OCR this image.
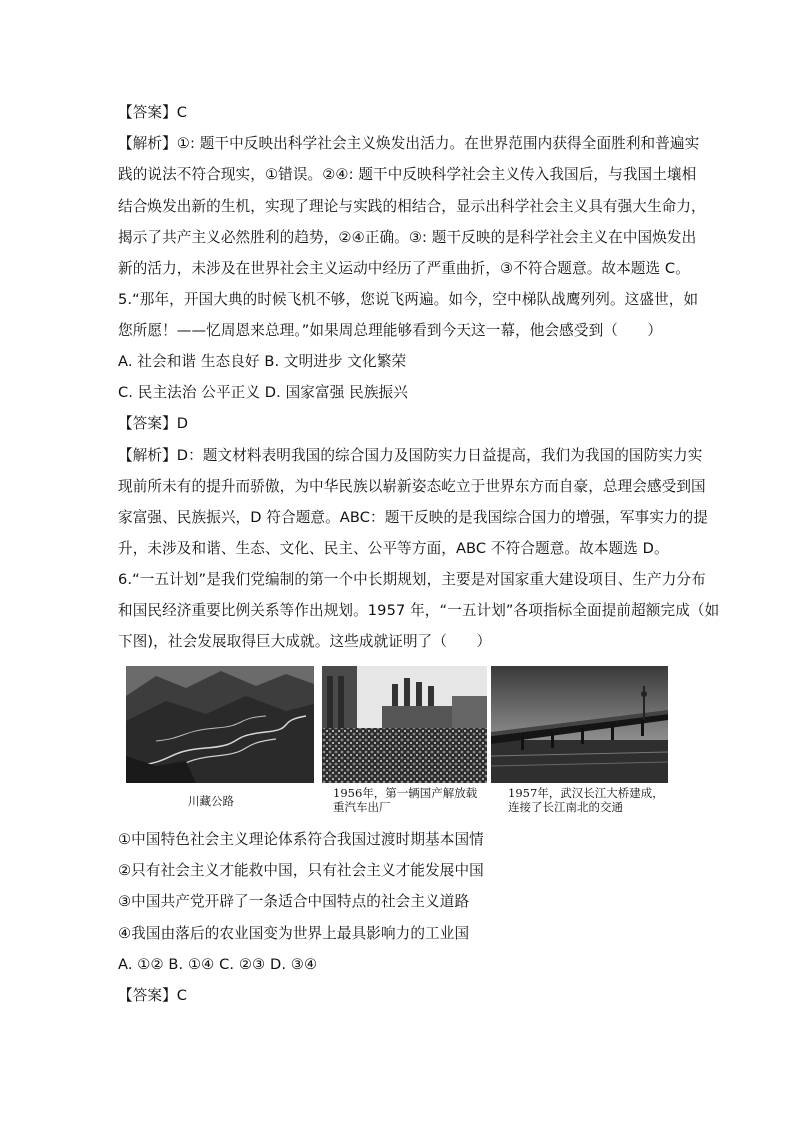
【答案】C
【解析】①: 题干中反映出科学社会主义焕发出活力。在世界范围内获得全面胜利和普遍实
践的说法不符合现实，①错误。②④: 题干中反映科学社会主义传入我国后，与我国土壤相
结合焕发出新的生机，实现了理论与实践的相结合，显示出科学社会主义具有强大生命力，
揭示了共产主义必然胜利的趋势，②④正确。③: 题干反映的是科学社会主义在中国焕发出
新的活力，未涉及在世界社会主义运动中经历了严重曲折，③不符合题意。故本题选 C。
5.“那年，开国大典的时候飞机不够，您说飞两遍。如今，空中梯队战鹰列列。这盛世，如
您所愿！——忆周恩来总理。”如果周总理能够看到今天这一幕，他会感受到（　　）
A. 社会和谐 生态良好 B. 文明进步 文化繁荣
C. 民主法治 公平正义 D. 国家富强 民族振兴
【答案】D
【解析】D：题文材料表明我国的综合国力及国防实力日益提高，我们为我国的国防实力实
现前所未有的提升而骄傲，为中华民族以崭新姿态屹立于世界东方而自豪，总理会感受到国
家富强、民族振兴，D 符合题意。ABC：题干反映的是我国综合国力的增强，军事实力的提
升，未涉及和谐、生态、文化、民主、公平等方面，ABC 不符合题意。故本题选 D。
6.“一五计划”是我们党编制的第一个中长期规划，主要是对国家重大建设项目、生产力分布
和国民经济重要比例关系等作出规划。1957 年，“一五计划”各项指标全面提前超额完成（如
下图)，社会发展取得巨大成就。这些成就证明了（　　）
川藏公路
1956年，第一辆国产解放载
重汽车出厂
1957年，武汉长江大桥建成，
连接了长江南北的交通
①中国特色社会主义理论体系符合我国过渡时期基本国情
②只有社会主义才能救中国，只有社会主义才能发展中国
③中国共产党开辟了一条适合中国特点的社会主义道路
④我国由落后的农业国变为世界上最具影响力的工业国
A. ①② B. ①④ C. ②③ D. ③④
【答案】C
